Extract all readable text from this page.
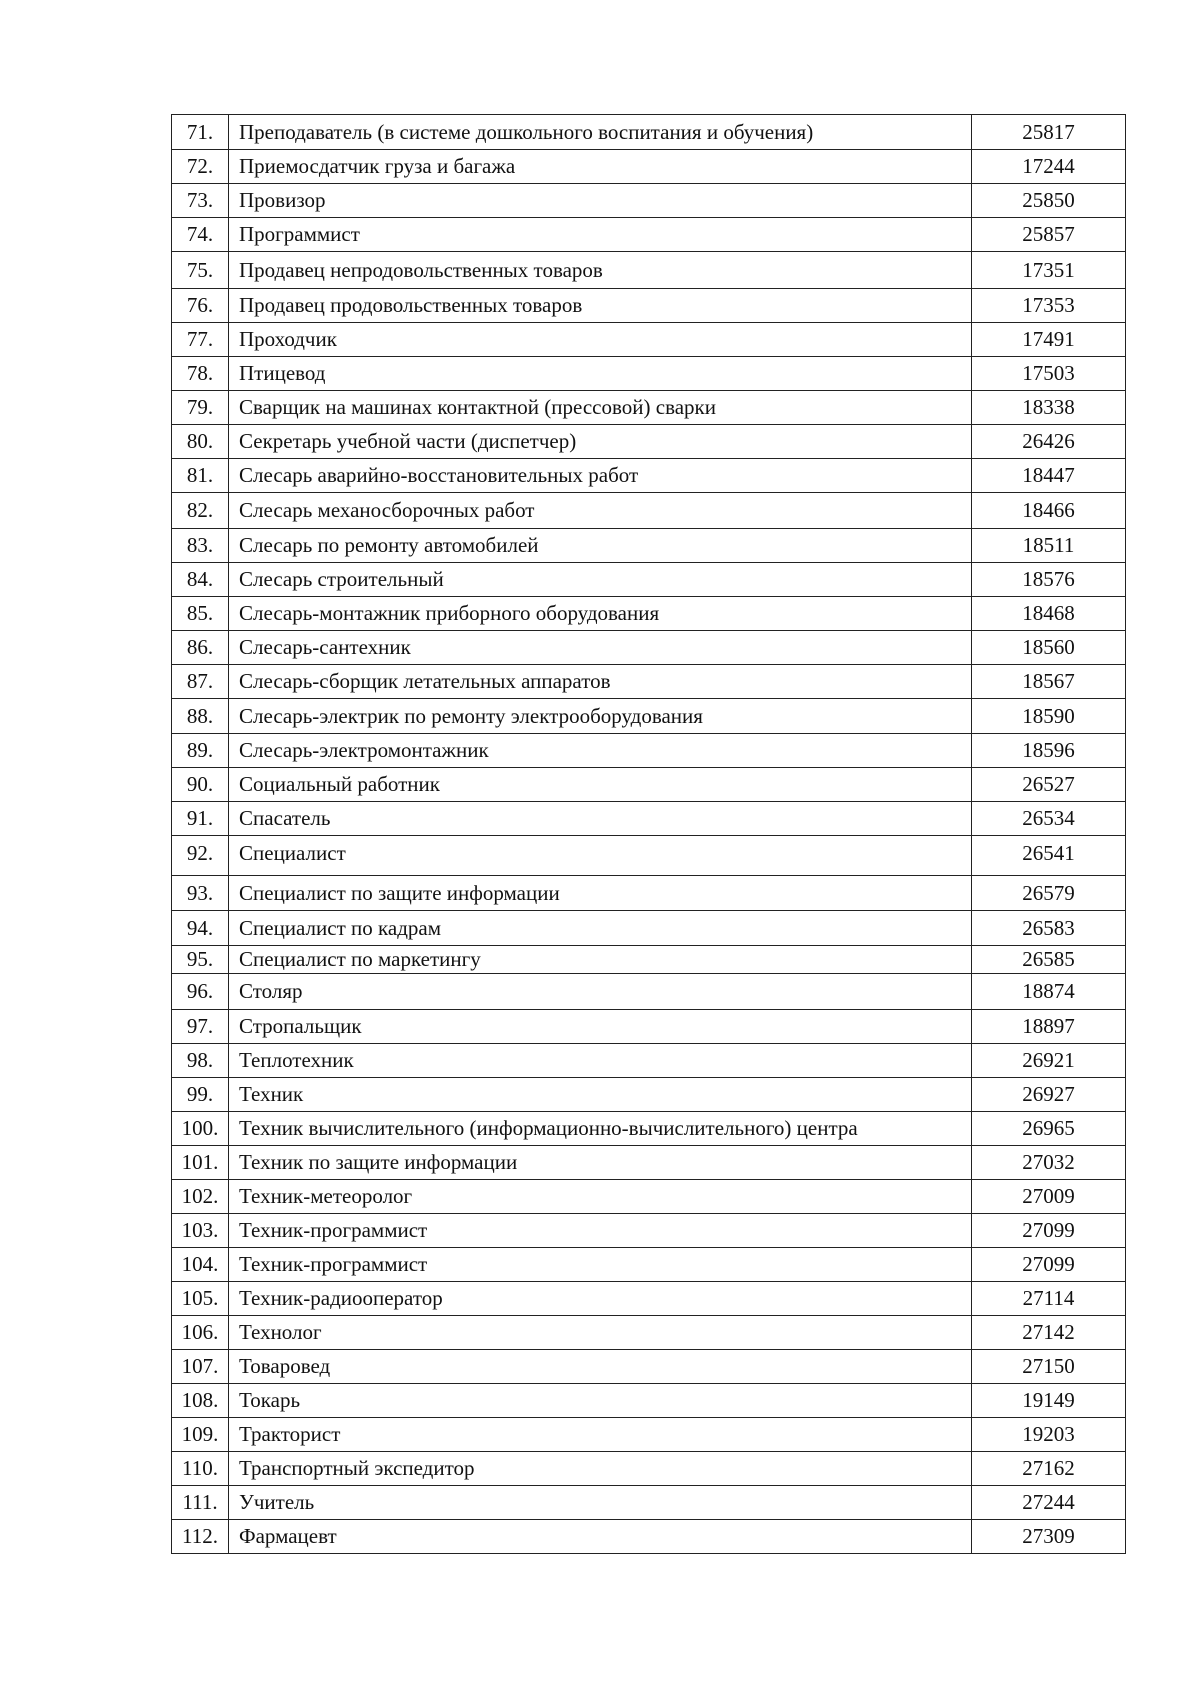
71.	Преподаватель (в системе дошкольного воспитания и обучения)	25817
72.	Приемосдатчик груза и багажа	17244
73.	Провизор	25850
74.	Программист	25857
75.	Продавец непродовольственных товаров	17351
76.	Продавец продовольственных товаров	17353
77.	Проходчик	17491
78.	Птицевод	17503
79.	Сварщик на машинах контактной (прессовой) сварки	18338
80.	Секретарь учебной части (диспетчер)	26426
81.	Слесарь аварийно-восстановительных работ	18447
82.	Слесарь механосборочных работ	18466
83.	Слесарь по ремонту автомобилей	18511
84.	Слесарь строительный	18576
85.	Слесарь-монтажник приборного оборудования	18468
86.	Слесарь-сантехник	18560
87.	Слесарь-сборщик летательных аппаратов	18567
88.	Слесарь-электрик по ремонту электрооборудования	18590
89.	Слесарь-электромонтажник	18596
90.	Социальный работник	26527
91.	Спасатель	26534
92.	Специалист	26541
93.	Специалист по защите информации	26579
94.	Специалист по кадрам	26583
95.	Специалист по маркетингу	26585
96.	Столяр	18874
97.	Стропальщик	18897
98.	Теплотехник	26921
99.	Техник	26927
100.	Техник вычислительного (информационно-вычислительного) центра	26965
101.	Техник по защите информации	27032
102.	Техник-метеоролог	27009
103.	Техник-программист	27099
104.	Техник-программист	27099
105.	Техник-радиооператор	27114
106.	Технолог	27142
107.	Товаровед	27150
108.	Токарь	19149
109.	Тракторист	19203
110.	Транспортный экспедитор	27162
111.	Учитель	27244
112.	Фармацевт	27309
